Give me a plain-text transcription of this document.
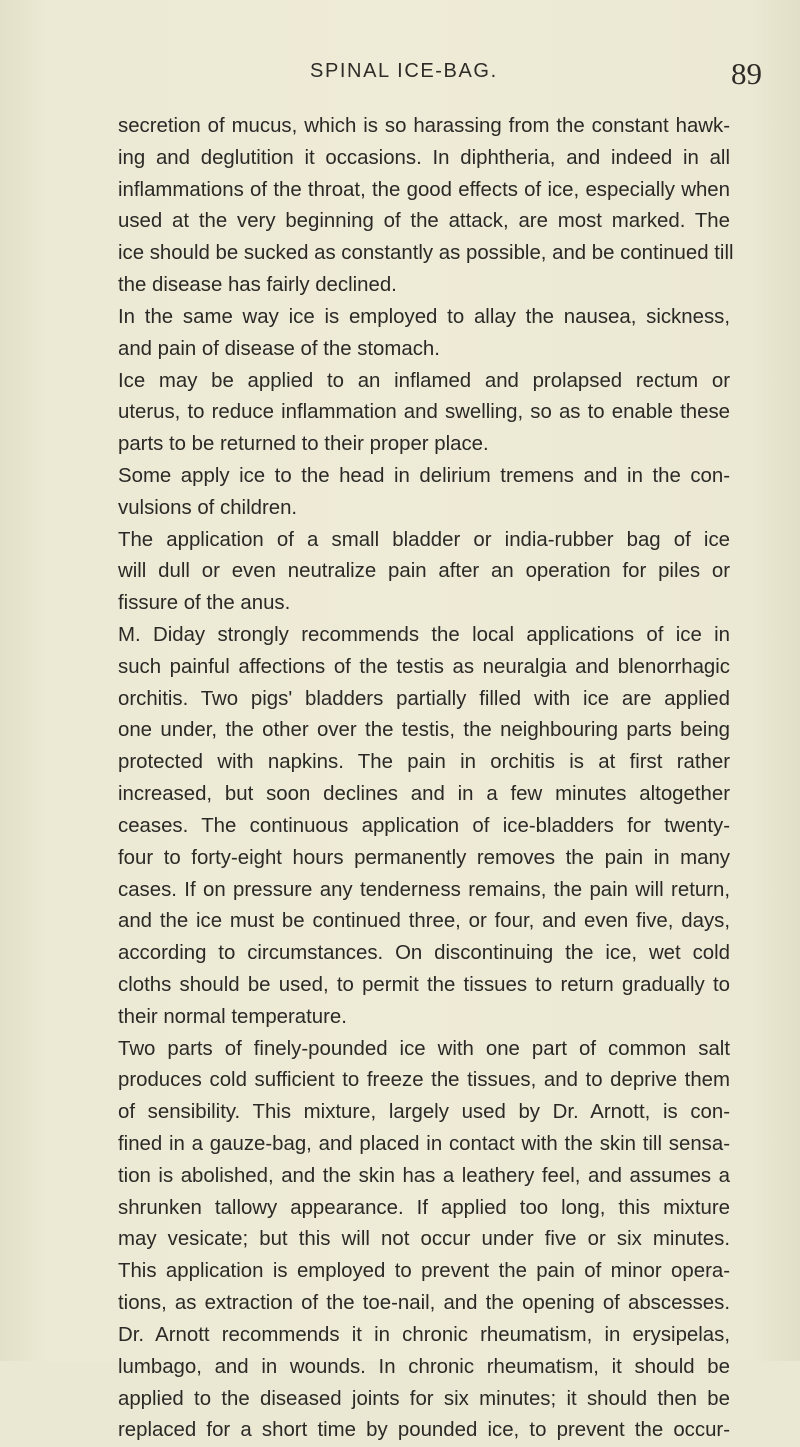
SPINAL ICE-BAG.	89
secretion of mucus, which is so harassing from the constant hawk-
ing and deglutition it occasions. In diphtheria, and indeed in all
inflammations of the throat, the good effects of ice, especially when
used at the very beginning of the attack, are most marked. The
ice should be sucked as constantly as possible, and be continued till
the disease has fairly declined.
In the same way ice is employed to allay the nausea, sickness,
and pain of disease of the stomach.
Ice may be applied to an inflamed and prolapsed rectum or
uterus, to reduce inflammation and swelling, so as to enable these
parts to be returned to their proper place.
Some apply ice to the head in delirium tremens and in the con-
vulsions of children.
The application of a small bladder or india-rubber bag of ice
will dull or even neutralize pain after an operation for piles or
fissure of the anus.
M. Diday strongly recommends the local applications of ice in
such painful affections of the testis as neuralgia and blenorrhagic
orchitis. Two pigs' bladders partially filled with ice are applied
one under, the other over the testis, the neighbouring parts being
protected with napkins. The pain in orchitis is at first rather
increased, but soon declines and in a few minutes altogether
ceases. The continuous application of ice-bladders for twenty-
four to forty-eight hours permanently removes the pain in many
cases. If on pressure any tenderness remains, the pain will return,
and the ice must be continued three, or four, and even five, days,
according to circumstances. On discontinuing the ice, wet cold
cloths should be used, to permit the tissues to return gradually to
their normal temperature.
Two parts of finely-pounded ice with one part of common salt
produces cold sufficient to freeze the tissues, and to deprive them
of sensibility. This mixture, largely used by Dr. Arnott, is con-
fined in a gauze-bag, and placed in contact with the skin till sensa-
tion is abolished, and the skin has a leathery feel, and assumes a
shrunken tallowy appearance. If applied too long, this mixture
may vesicate; but this will not occur under five or six minutes.
This application is employed to prevent the pain of minor opera-
tions, as extraction of the toe-nail, and the opening of abscesses.
Dr. Arnott recommends it in chronic rheumatism, in erysipelas,
lumbago, and in wounds. In chronic rheumatism, it should be
applied to the diseased joints for six minutes; it should then be
replaced for a short time by pounded ice, to prevent the occur-
